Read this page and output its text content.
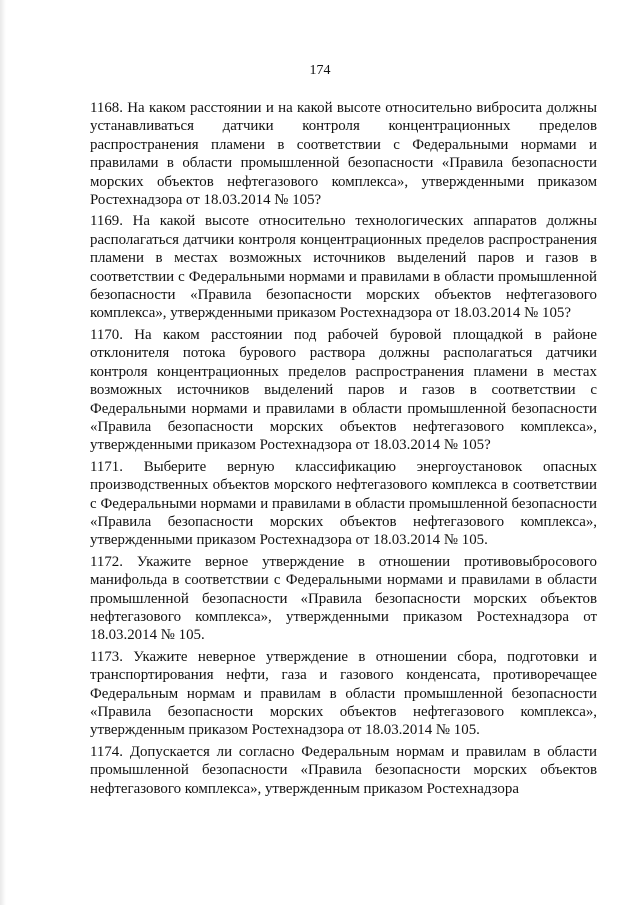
174

1168. На каком расстоянии и на какой высоте относительно вибросита должны устанавливаться датчики контроля концентрационных пределов распространения пламени в соответствии с Федеральными нормами и правилами в области промышленной безопасности «Правила безопасности морских объектов нефтегазового комплекса», утвержденными приказом Ростехнадзора от 18.03.2014 № 105?

1169. На какой высоте относительно технологических аппаратов должны располагаться датчики контроля концентрационных пределов распространения пламени в местах возможных источников выделений паров и газов в соответствии с Федеральными нормами и правилами в области промышленной безопасности «Правила безопасности морских объектов нефтегазового комплекса», утвержденными приказом Ростехнадзора от 18.03.2014 № 105?

1170. На каком расстоянии под рабочей буровой площадкой в районе отклонителя потока бурового раствора должны располагаться датчики контроля концентрационных пределов распространения пламени в местах возможных источников выделений паров и газов в соответствии с Федеральными нормами и правилами в области промышленной безопасности «Правила безопасности морских объектов нефтегазового комплекса», утвержденными приказом Ростехнадзора от 18.03.2014 № 105?

1171. Выберите верную классификацию энергоустановок опасных производственных объектов морского нефтегазового комплекса в соответствии с Федеральными нормами и правилами в области промышленной безопасности «Правила безопасности морских объектов нефтегазового комплекса», утвержденными приказом Ростехнадзора от 18.03.2014 № 105.

1172. Укажите верное утверждение в отношении противовыбросового манифольда в соответствии с Федеральными нормами и правилами в области промышленной безопасности «Правила безопасности морских объектов нефтегазового комплекса», утвержденными приказом Ростехнадзора от 18.03.2014 № 105.

1173. Укажите неверное утверждение в отношении сбора, подготовки и транспортирования нефти, газа и газового конденсата, противоречащее Федеральным нормам и правилам в области промышленной безопасности «Правила безопасности морских объектов нефтегазового комплекса», утвержденным приказом Ростехнадзора от 18.03.2014 № 105.

1174. Допускается ли согласно Федеральным нормам и правилам в области промышленной безопасности «Правила безопасности морских объектов нефтегазового комплекса», утвержденным приказом Ростехнадзора
